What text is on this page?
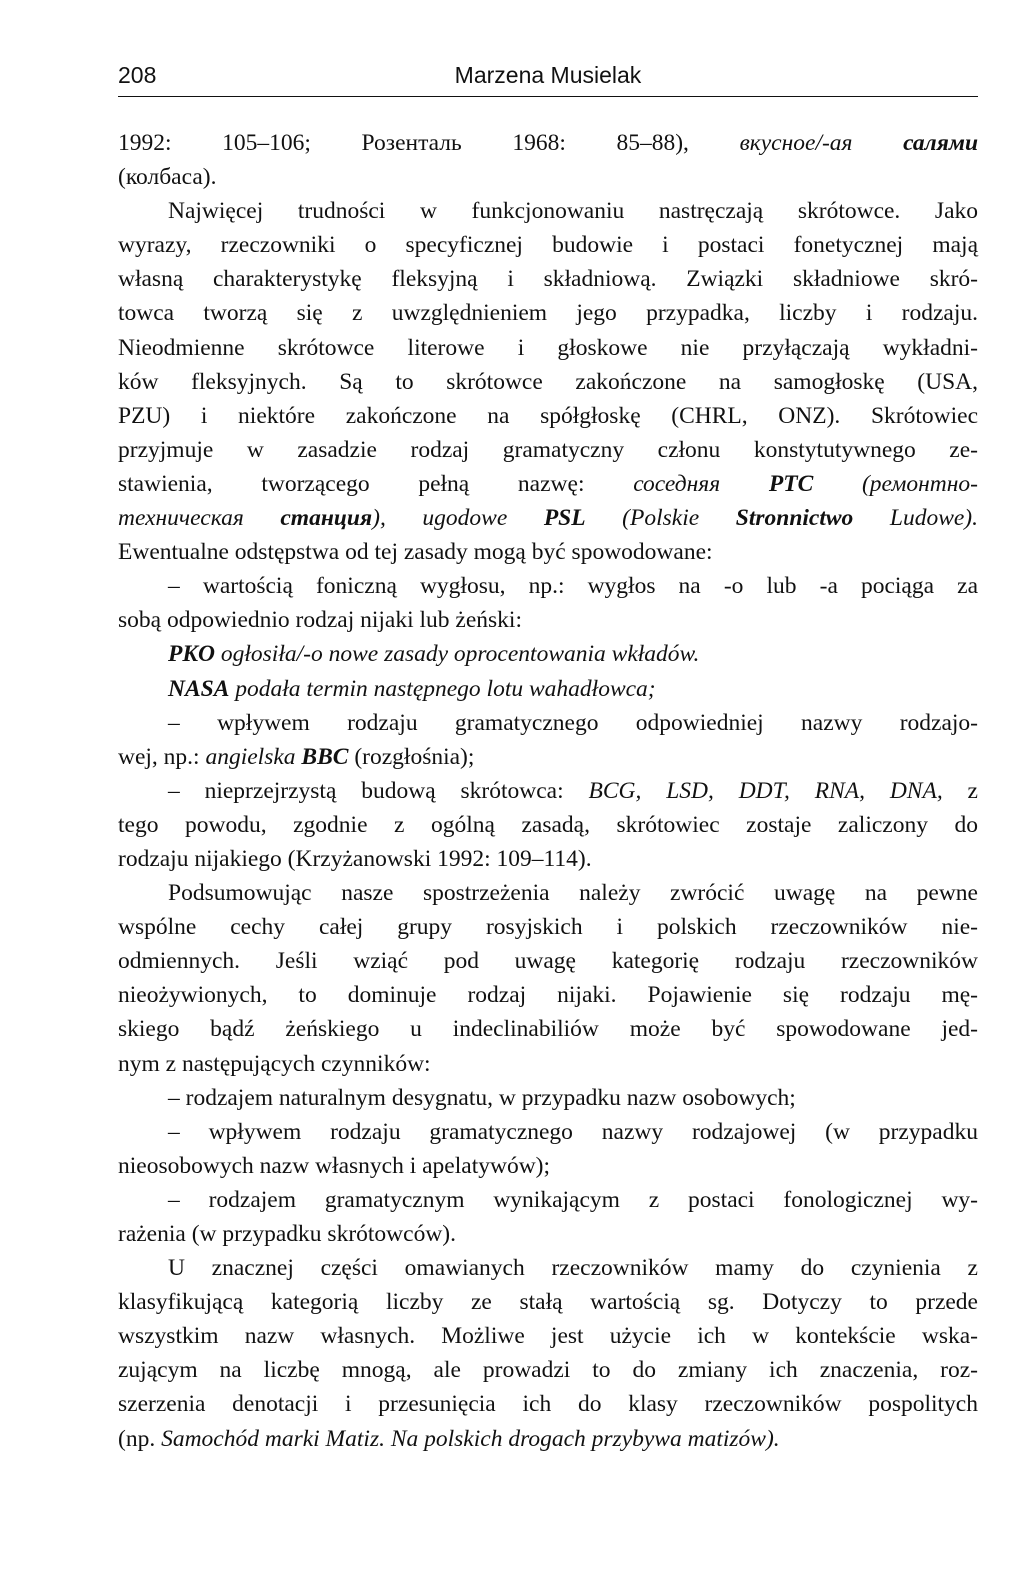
208	Marzena Musielak
1992: 105–106; Розенталь 1968: 85–88), вкусное/-ая салями
(колбаса).
Najwięcej trudności w funkcjonowaniu nastręczają skrótowce. Jako
wyrazy, rzeczowniki o specyficznej budowie i postaci fonetycznej mają
własną charakterystykę fleksyjną i składniową. Związki składniowe skró-
towca tworzą się z uwzględnieniem jego przypadka, liczby i rodzaju.
Nieodmienne skrótowce literowe i głoskowe nie przyłączają wykładni-
ków fleksyjnych. Są to skrótowce zakończone na samogłoskę (USA,
PZU) i niektóre zakończone na spółgłoskę (CHRL, ONZ). Skrótowiec
przyjmuje w zasadzie rodzaj gramatyczny członu konstytutywnego ze-
stawienia, tworzącego pełną nazwę: соседняя PTC (ремонтно-
техническая станция), ugodowe PSL (Polskie Stronnictwo Ludowe).
Ewentualne odstępstwa od tej zasady mogą być spowodowane:
– wartością foniczną wygłosu, np.: wygłos na -o lub -a pociąga za
sobą odpowiednio rodzaj nijaki lub żeński:
PKO ogłosiła/-o nowe zasady oprocentowania wkładów.
NASA podała termin następnego lotu wahadłowca;
– wpływem rodzaju gramatycznego odpowiedniej nazwy rodzajo-
wej, np.: angielska BBC (rozgłośnia);
– nieprzejrzystą budową skrótowca: BCG, LSD, DDT, RNA, DNA, z
tego powodu, zgodnie z ogólną zasadą, skrótowiec zostaje zaliczony do
rodzaju nijakiego (Krzyżanowski 1992: 109–114).
Podsumowując nasze spostrzeżenia należy zwrócić uwagę na pewne
wspólne cechy całej grupy rosyjskich i polskich rzeczowników nie-
odmiennych. Jeśli wziąć pod uwagę kategorię rodzaju rzeczowników
nieożywionych, to dominuje rodzaj nijaki. Pojawienie się rodzaju mę-
skiego bądź żeńskiego u indeclinabiliów może być spowodowane jed-
nym z następujących czynników:
– rodzajem naturalnym desygnatu, w przypadku nazw osobowych;
– wpływem rodzaju gramatycznego nazwy rodzajowej (w przypadku
nieosobowych nazw własnych i apelatywów);
– rodzajem gramatycznym wynikającym z postaci fonologicznej wy-
rażenia (w przypadku skrótowców).
U znacznej części omawianych rzeczowników mamy do czynienia z
klasyfikującą kategorią liczby ze stałą wartością sg. Dotyczy to przede
wszystkim nazw własnych. Możliwe jest użycie ich w kontekście wska-
zującym na liczbę mnogą, ale prowadzi to do zmiany ich znaczenia, roz-
szerzenia denotacji i przesunięcia ich do klasy rzeczowników pospolitych
(np. Samochód marki Matiz. Na polskich drogach przybywa matizów).
